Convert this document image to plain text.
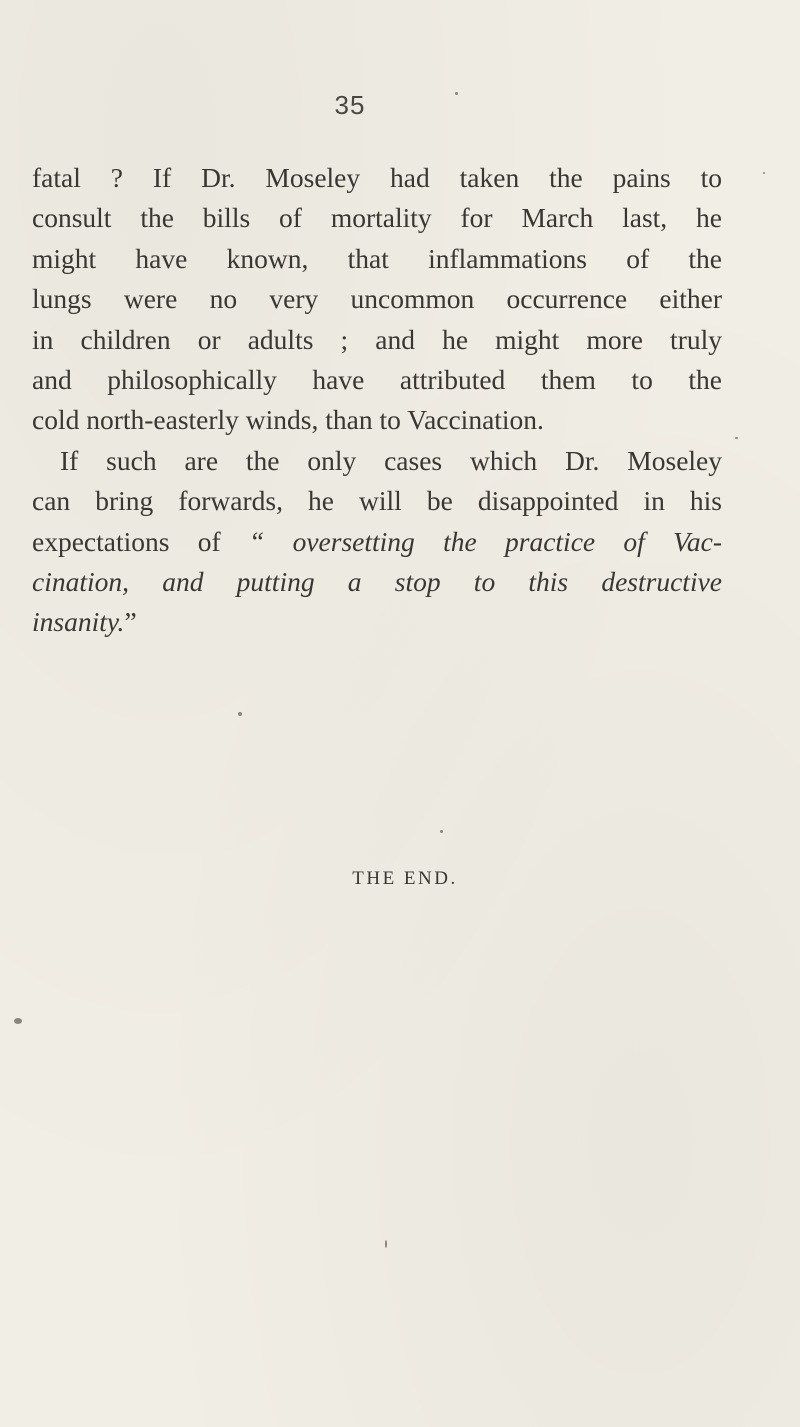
35
fatal ? If Dr. Moseley had taken the pains to
consult the bills of mortality for March last, he
might have known, that inflammations of the
lungs were no very uncommon occurrence either
in children or adults ; and he might more truly
and philosophically have attributed them to the
cold north-easterly winds, than to Vaccination.
If such are the only cases which Dr. Moseley
can bring forwards, he will be disappointed in his
expectations of “ oversetting the practice of Vac-
cination, and putting a stop to this destructive
insanity.”
THE END.
